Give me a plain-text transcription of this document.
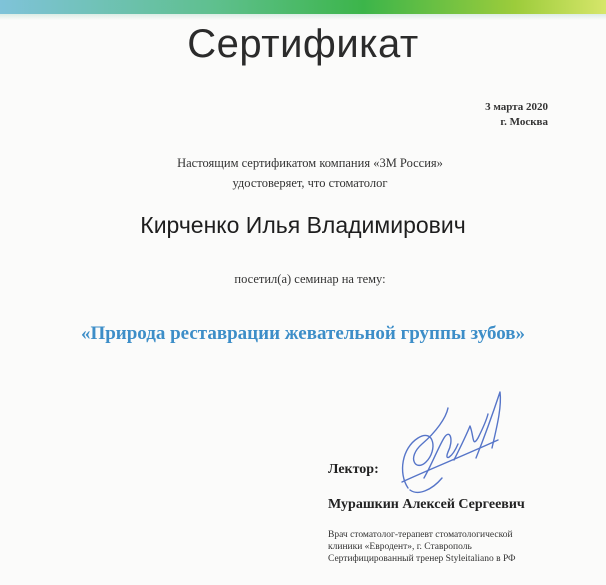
Сертификат
3 марта 2020
г. Москва
Настоящим сертификатом компания «3М Россия»
удостоверяет, что стоматолог
Кирченко Илья Владимирович
посетил(а) семинар на тему:
«Природа реставрации жевательной группы зубов»
Лектор:
Мурашкин Алексей Сергеевич
Врач стоматолог-терапевт стоматологической
клиники «Евродент», г. Ставрополь
Сертифицированный тренер Styleitaliano в РФ
